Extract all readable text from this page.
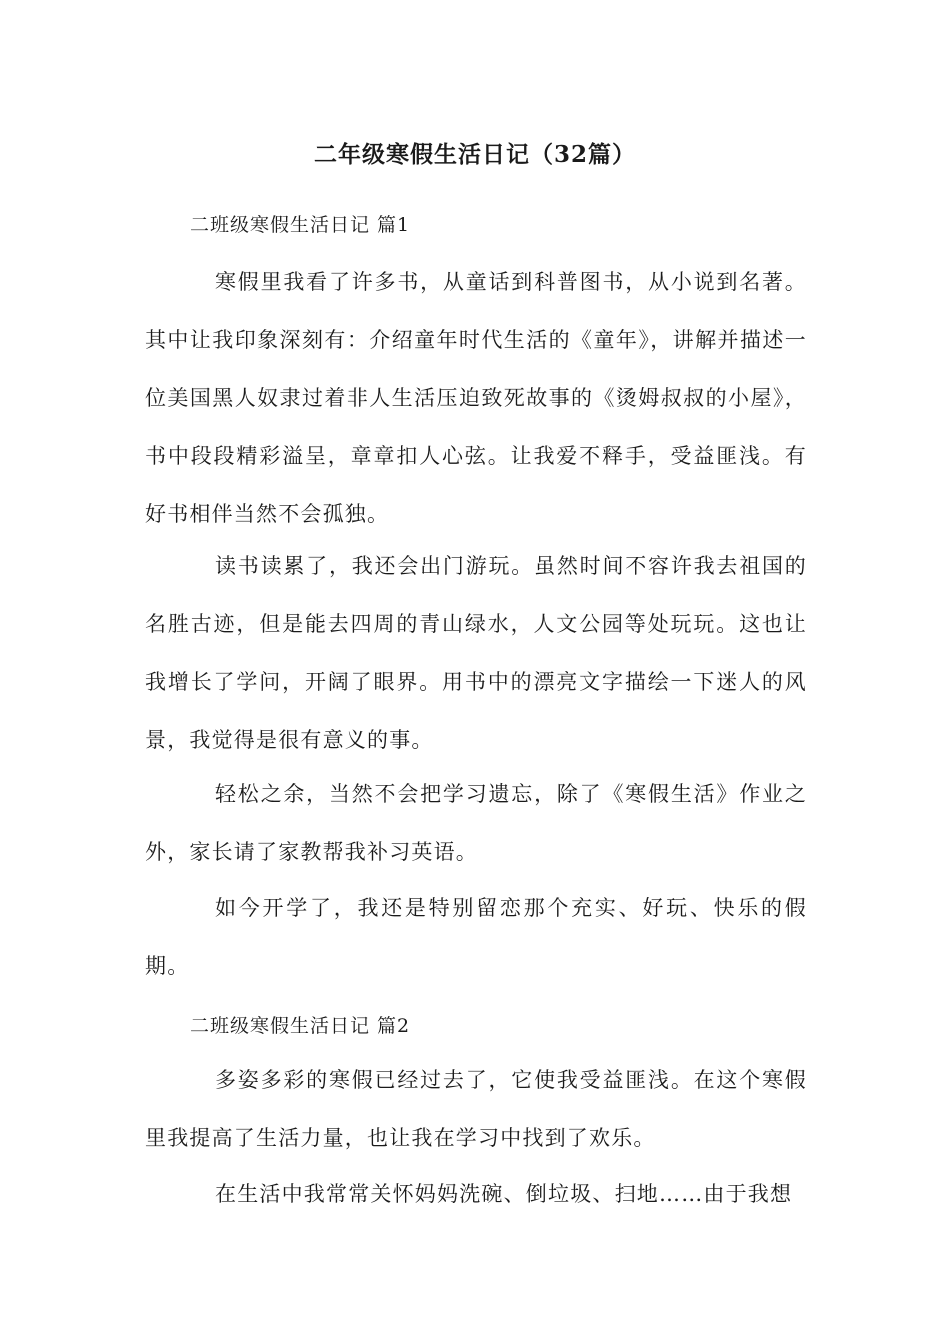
二年级寒假生活日记（32篇）
二班级寒假生活日记 篇1

寒假里我看了许多书，从童话到科普图书，从小说到名著。其中让我印象深刻有：介绍童年时代生活的《童年》，讲解并描述一位美国黑人奴隶过着非人生活压迫致死故事的《烫姆叔叔的小屋》，书中段段精彩溢呈，章章扣人心弦。让我爱不释手，受益匪浅。有好书相伴当然不会孤独。

读书读累了，我还会出门游玩。虽然时间不容许我去祖国的名胜古迹，但是能去四周的青山绿水，人文公园等处玩玩。这也让我增长了学问，开阔了眼界。用书中的漂亮文字描绘一下迷人的风景，我觉得是很有意义的事。

轻松之余，当然不会把学习遗忘，除了《寒假生活》作业之外，家长请了家教帮我补习英语。

如今开学了，我还是特别留恋那个充实、好玩、快乐的假期。

二班级寒假生活日记 篇2

多姿多彩的寒假已经过去了，它使我受益匪浅。在这个寒假里我提高了生活力量，也让我在学习中找到了欢乐。

在生活中我常常关怀妈妈洗碗、倒垃圾、扫地……由于我想
